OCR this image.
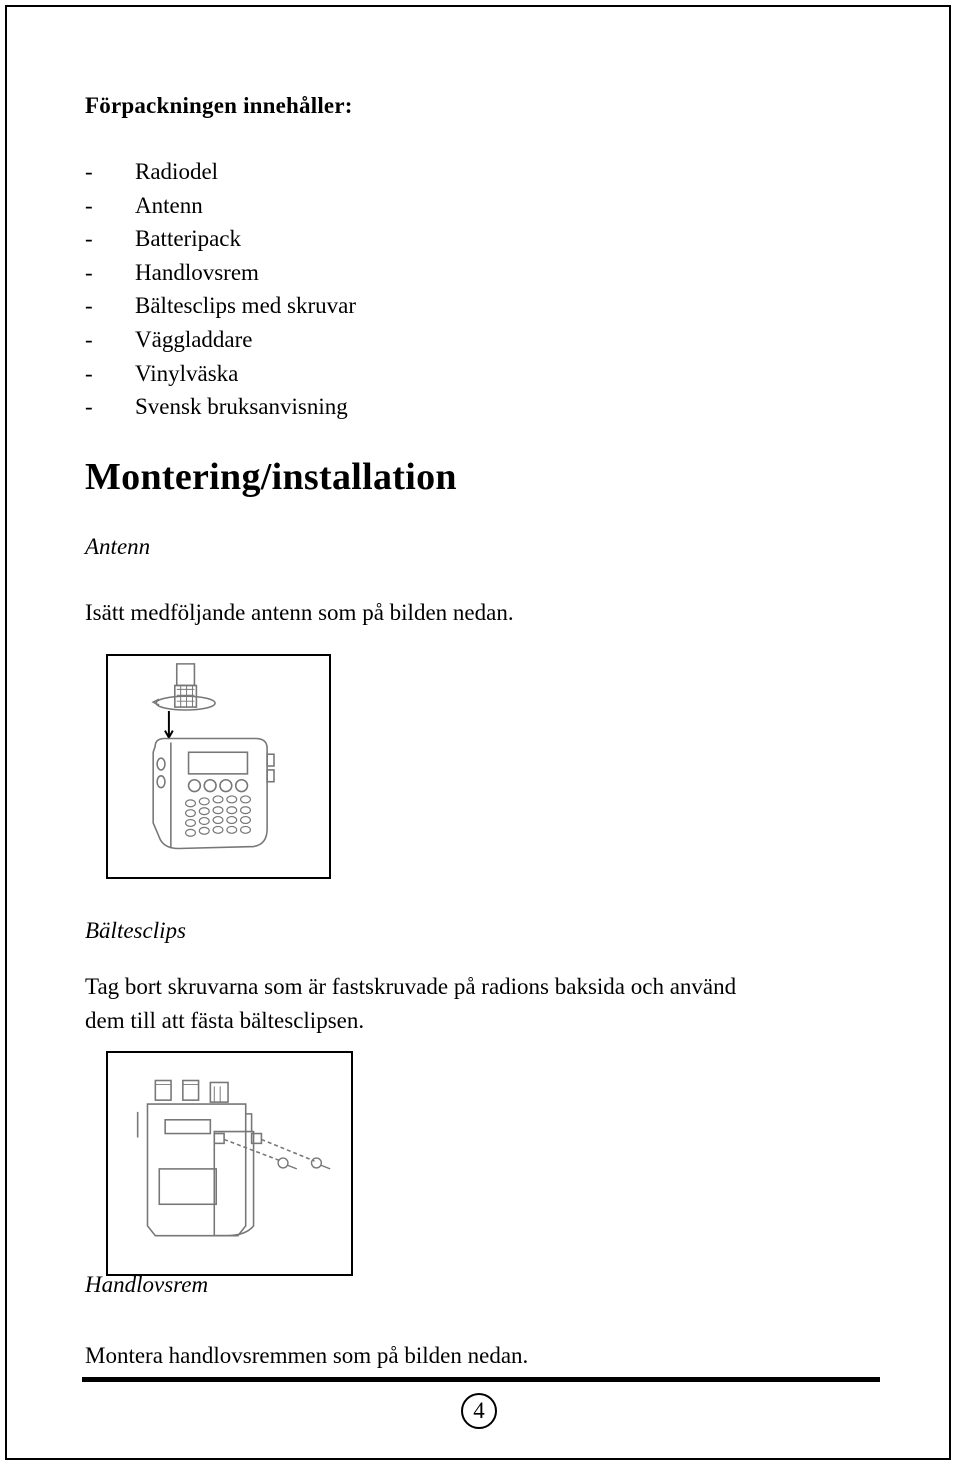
Förpackningen innehåller:
- Radiodel
- Antenn
- Batteripack
- Handlovsrem
- Bältesclips med skruvar
- Väggladdare
- Vinylväska
- Svensk bruksanvisning
Montering/installation
Antenn
Isätt medföljande antenn som på bilden nedan.
Bältesclips
Tag bort skruvarna som är fastskruvade på radions baksida och använd
dem till att fästa bältesclipsen.
Handlovsrem
Montera handlovsremmen som på bilden nedan.
4
